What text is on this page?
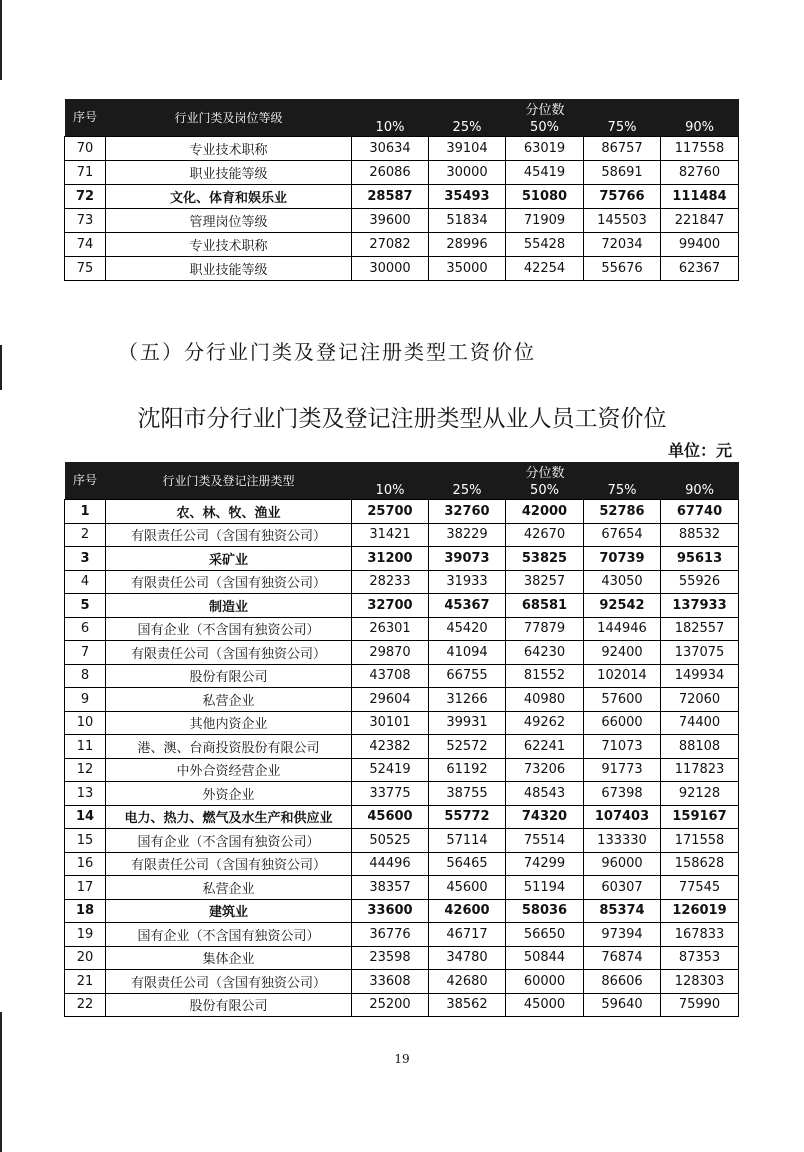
序号	行业门类及岗位等级	分位数				
		10%	25%	50%	75%	90%
70	专业技术职称	30634	39104	63019	86757	117558
71	职业技能等级	26086	30000	45419	58691	82760
72	文化、体育和娱乐业	28587	35493	51080	75766	111484
73	管理岗位等级	39600	51834	71909	145503	221847
74	专业技术职称	27082	28996	55428	72034	99400
75	职业技能等级	30000	35000	42254	55676	62367
（五）分行业门类及登记注册类型工资价位
沈阳市分行业门类及登记注册类型从业人员工资价位
单位：元
序号	行业门类及登记注册类型	分位数				
		10%	25%	50%	75%	90%
1	农、林、牧、渔业	25700	32760	42000	52786	67740
2	有限责任公司（含国有独资公司）	31421	38229	42670	67654	88532
3	采矿业	31200	39073	53825	70739	95613
4	有限责任公司（含国有独资公司）	28233	31933	38257	43050	55926
5	制造业	32700	45367	68581	92542	137933
6	国有企业（不含国有独资公司）	26301	45420	77879	144946	182557
7	有限责任公司（含国有独资公司）	29870	41094	64230	92400	137075
8	股份有限公司	43708	66755	81552	102014	149934
9	私营企业	29604	31266	40980	57600	72060
10	其他内资企业	30101	39931	49262	66000	74400
11	港、澳、台商投资股份有限公司	42382	52572	62241	71073	88108
12	中外合资经营企业	52419	61192	73206	91773	117823
13	外资企业	33775	38755	48543	67398	92128
14	电力、热力、燃气及水生产和供应业	45600	55772	74320	107403	159167
15	国有企业（不含国有独资公司）	50525	57114	75514	133330	171558
16	有限责任公司（含国有独资公司）	44496	56465	74299	96000	158628
17	私营企业	38357	45600	51194	60307	77545
18	建筑业	33600	42600	58036	85374	126019
19	国有企业（不含国有独资公司）	36776	46717	56650	97394	167833
20	集体企业	23598	34780	50844	76874	87353
21	有限责任公司（含国有独资公司）	33608	42680	60000	86606	128303
22	股份有限公司	25200	38562	45000	59640	75990
19
